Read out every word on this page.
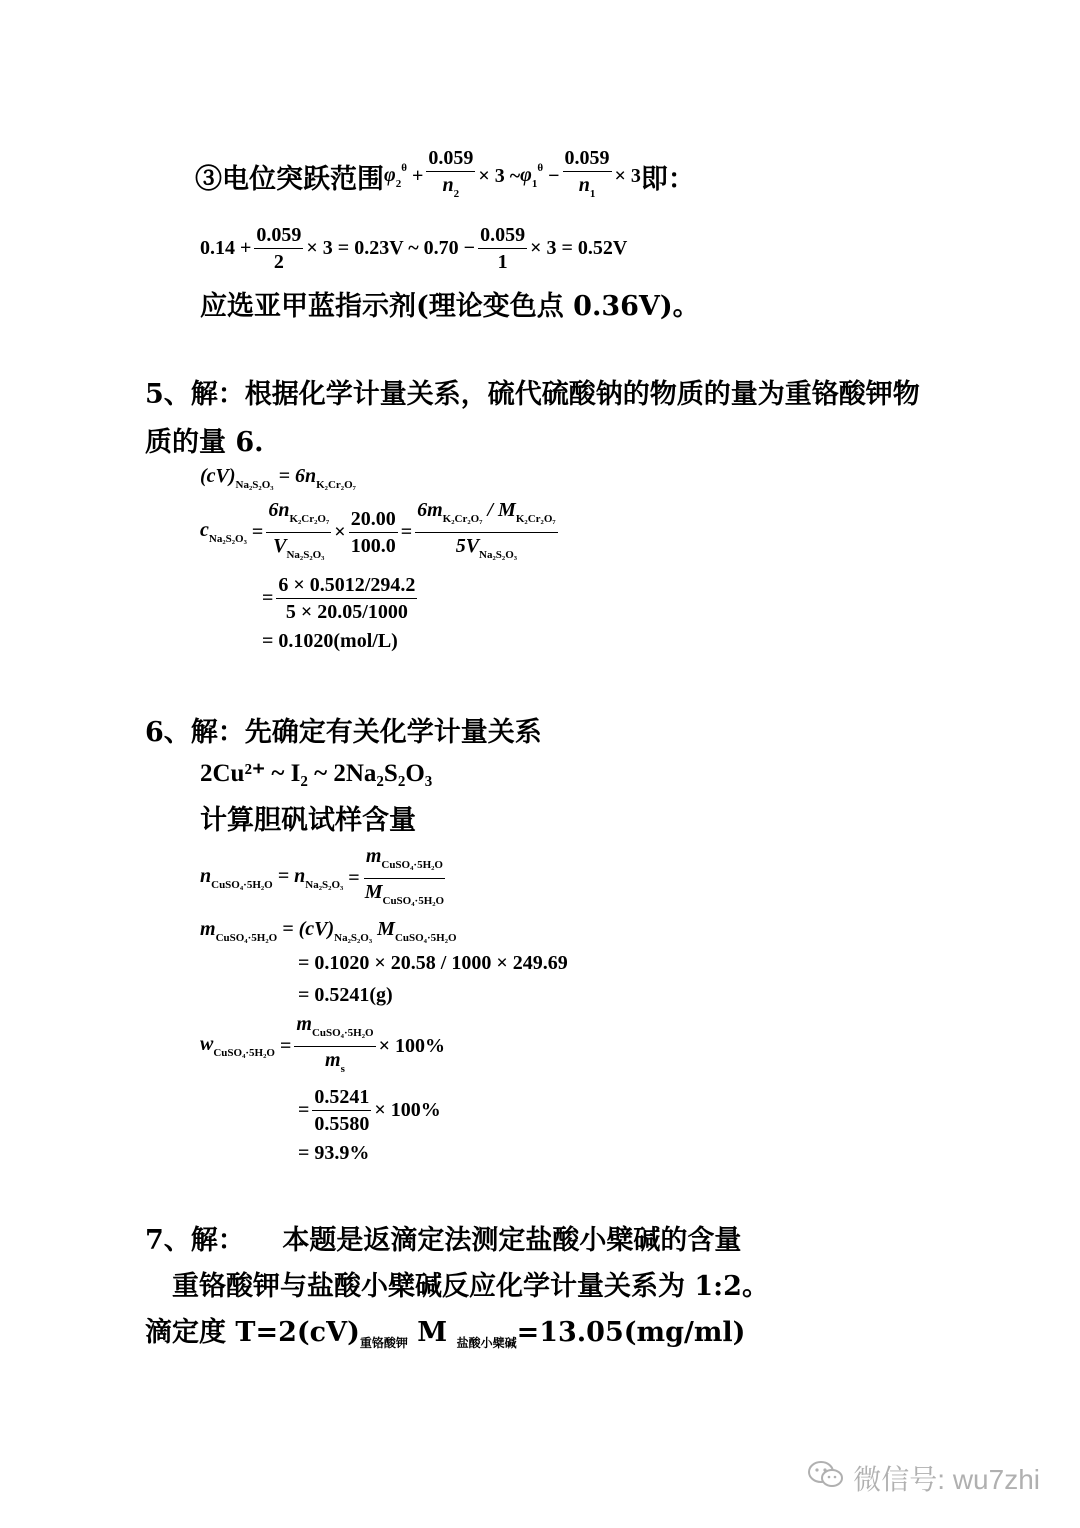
③电位突跃范围 $\varphi_2^\theta + \frac{0.059}{n_2} \times 3$ ~ $\varphi_1^\theta - \frac{0.059}{n_1} \times 3$ 即：
$0.14 + \frac{0.059}{2} \times 3 = 0.23V$ ~ $0.70 - \frac{0.059}{1} \times 3 = 0.52V$
应选亚甲蓝指示剂(理论变色点 0.36V)。
5、解：根据化学计量关系，硫代硫酸钠的物质的量为重铬酸钾物
质的量 6.
$(cV)_{Na_2S_2O_3} = 6n_{K_2Cr_2O_7}$
$c_{Na_2S_2O_3} = \frac{6n_{K_2Cr_2O_7}}{V_{Na_2S_2O_3}} \times \frac{20.00}{100.0} = \frac{6m_{K_2Cr_2O_7} / M_{K_2Cr_2O_7}}{5V_{Na_2S_2O_3}}$
= $\frac{6 \times 0.5012/294.2}{5 \times 20.05/1000}$
= 0.1020(mol/L)
6、解：先确定有关化学计量关系
2Cu²⁺ ~ I₂ ~ 2Na₂S₂O₃
计算胆矾试样含量
$n_{CuSO_4\cdot 5H_2O} = n_{Na_2S_2O_3} = \frac{m_{CuSO_4\cdot 5H_2O}}{M_{CuSO_4\cdot 5H_2O}}$
$m_{CuSO_4\cdot 5H_2O} = (cV)_{Na_2S_2O_3}$ $M_{CuSO_4\cdot 5H_2O}$
= 0.1020 × 20.58 / 1000 × 249.69
= 0.5241(g)
$w_{CuSO_4\cdot 5H_2O} = \frac{m_{CuSO_4\cdot 5H_2O}}{m_s} \times 100\%$
= $\frac{0.5241}{0.5580} \times 100\%$
= 93.9%
7、解：    本题是返滴定法测定盐酸小檗碱的含量
重铬酸钾与盐酸小檗碱反应化学计量关系为 1:2。
滴定度 $T=2(cV)_{重铬酸钾}$ M $_{盐酸小檗碱}$=13.05(mg/ml)
微信号: wu7zhi
